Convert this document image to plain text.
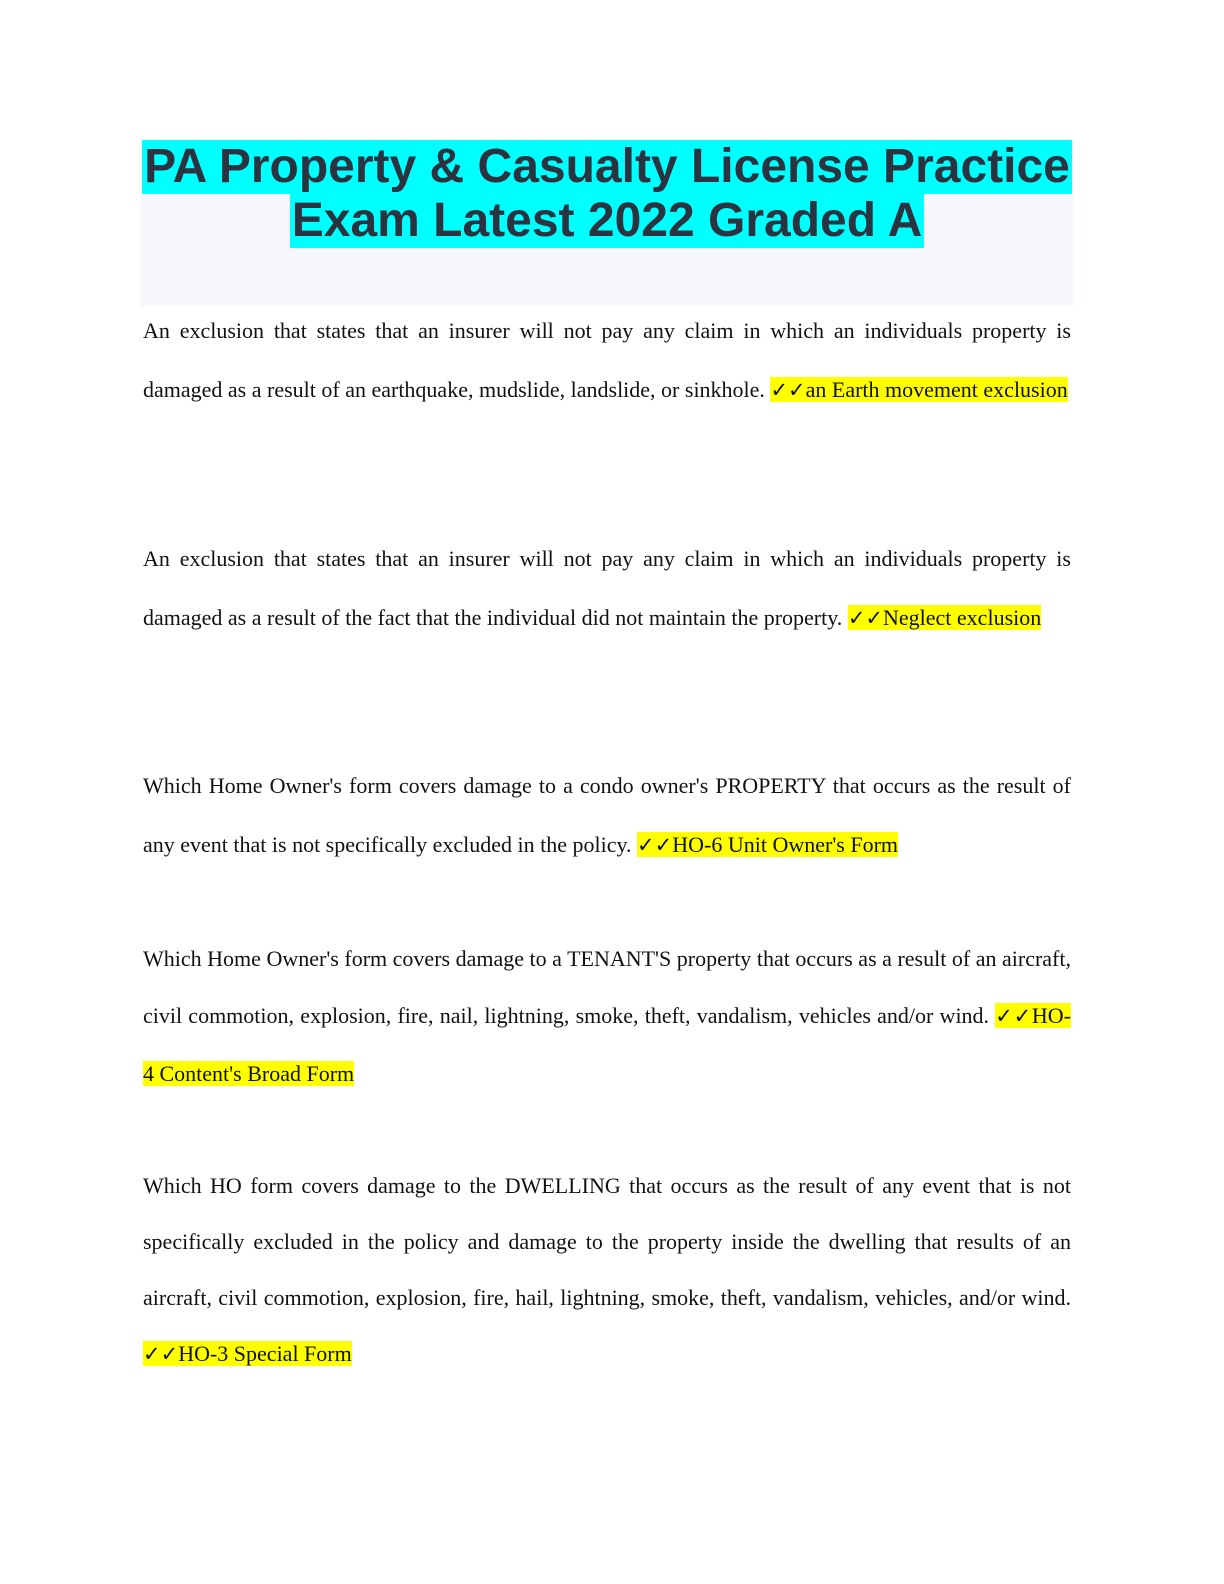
PA Property & Casualty License Practice
Exam Latest 2022 Graded A

An exclusion that states that an insurer will not pay any claim in which an individuals property is damaged as a result of an earthquake, mudslide, landslide, or sinkhole. ✓✓an Earth movement exclusion

An exclusion that states that an insurer will not pay any claim in which an individuals property is damaged as a result of the fact that the individual did not maintain the property. ✓✓Neglect exclusion

Which Home Owner's form covers damage to a condo owner's PROPERTY that occurs as the result of any event that is not specifically excluded in the policy. ✓✓HO-6 Unit Owner's Form

Which Home Owner's form covers damage to a TENANT'S property that occurs as a result of an aircraft, civil commotion, explosion, fire, nail, lightning, smoke, theft, vandalism, vehicles and/or wind. ✓✓HO-4 Content's Broad Form

Which HO form covers damage to the DWELLING that occurs as the result of any event that is not specifically excluded in the policy and damage to the property inside the dwelling that results of an aircraft, civil commotion, explosion, fire, hail, lightning, smoke, theft, vandalism, vehicles, and/or wind. ✓✓HO-3 Special Form
